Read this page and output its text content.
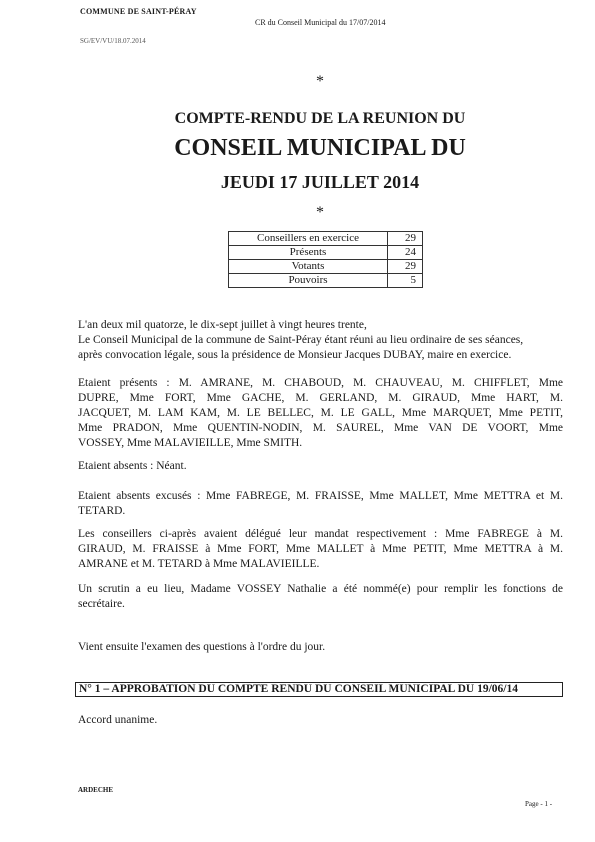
COMMUNE DE SAINT-PÉRAY
CR du Conseil Municipal du 17/07/2014
SG/EV/VU/18.07.2014
*
COMPTE-RENDU DE LA REUNION DU
CONSEIL MUNICIPAL DU
JEUDI 17 JUILLET 2014
*
Conseillers en exercice	29
Présents	24
Votants	29
Pouvoirs	5
L'an deux mil quatorze, le dix-sept juillet à vingt heures trente,
Le Conseil Municipal de la commune de Saint-Péray étant réuni au lieu ordinaire de ses séances,
après convocation légale, sous la présidence de Monsieur Jacques DUBAY, maire en exercice.
Etaient présents : M. AMRANE, M. CHABOUD, M. CHAUVEAU, M. CHIFFLET, Mme
DUPRE, Mme FORT, Mme GACHE, M. GERLAND, M. GIRAUD, Mme HART, M.
JACQUET, M. LAM KAM, M. LE BELLEC, M. LE GALL, Mme MARQUET, Mme PETIT,
Mme PRADON, Mme QUENTIN-NODIN, M. SAUREL, Mme VAN DE VOORT, Mme
VOSSEY, Mme MALAVIEILLE, Mme SMITH.
Etaient absents : Néant.
Etaient absents excusés : Mme FABREGE, M. FRAISSE, Mme MALLET, Mme METTRA et M.
TETARD.
Les conseillers ci-après avaient délégué leur mandat respectivement : Mme FABREGE à M.
GIRAUD, M. FRAISSE à Mme FORT, Mme MALLET à Mme PETIT, Mme METTRA à M.
AMRANE et M. TETARD à Mme MALAVIEILLE.
Un scrutin a eu lieu, Madame VOSSEY Nathalie a été nommé(e) pour remplir les fonctions de
secrétaire.
Vient ensuite l'examen des questions à l'ordre du jour.
N° 1 – APPROBATION DU COMPTE RENDU DU CONSEIL MUNICIPAL DU 19/06/14
Accord unanime.
ARDECHE
Page - 1 -
